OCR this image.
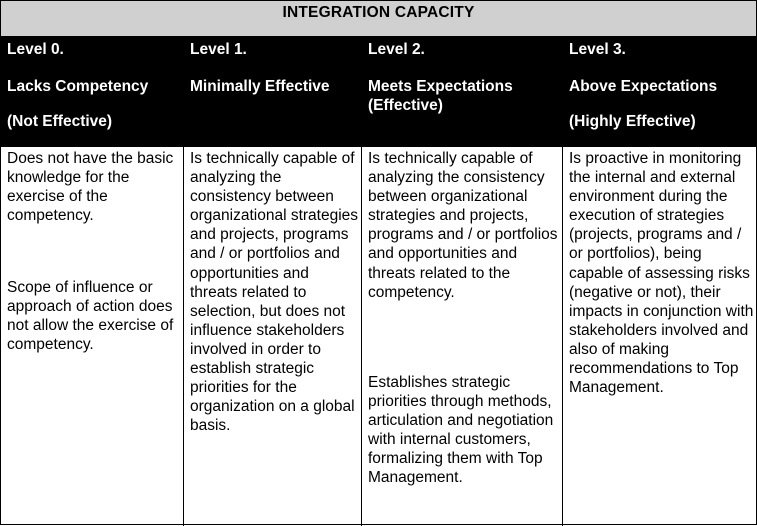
INTEGRATION CAPACITY
Level 0.
Lacks Competency
(Not Effective)
Level 1.
Minimally Effective
Level 2.
Meets Expectations (Effective)
Level 3.
Above Expectations
(Highly Effective)
Does not have the basic knowledge for the exercise of the competency.
Scope of influence or approach of action does not allow the exercise of competency.
Is technically capable of analyzing the consistency between organizational strategies and projects, programs and / or portfolios and opportunities and threats related to selection, but does not influence stakeholders involved in order to establish strategic priorities for the organization on a global basis.
Is technically capable of analyzing the consistency between organizational strategies and projects, programs and / or portfolios and opportunities and threats related to the competency.
Establishes strategic priorities through methods, articulation and negotiation with internal customers, formalizing them with Top Management.
Is proactive in monitoring the internal and external environment during the execution of strategies (projects, programs and / or portfolios), being capable of assessing risks (negative or not), their impacts in conjunction with stakeholders involved and also of making recommendations to Top Management.
